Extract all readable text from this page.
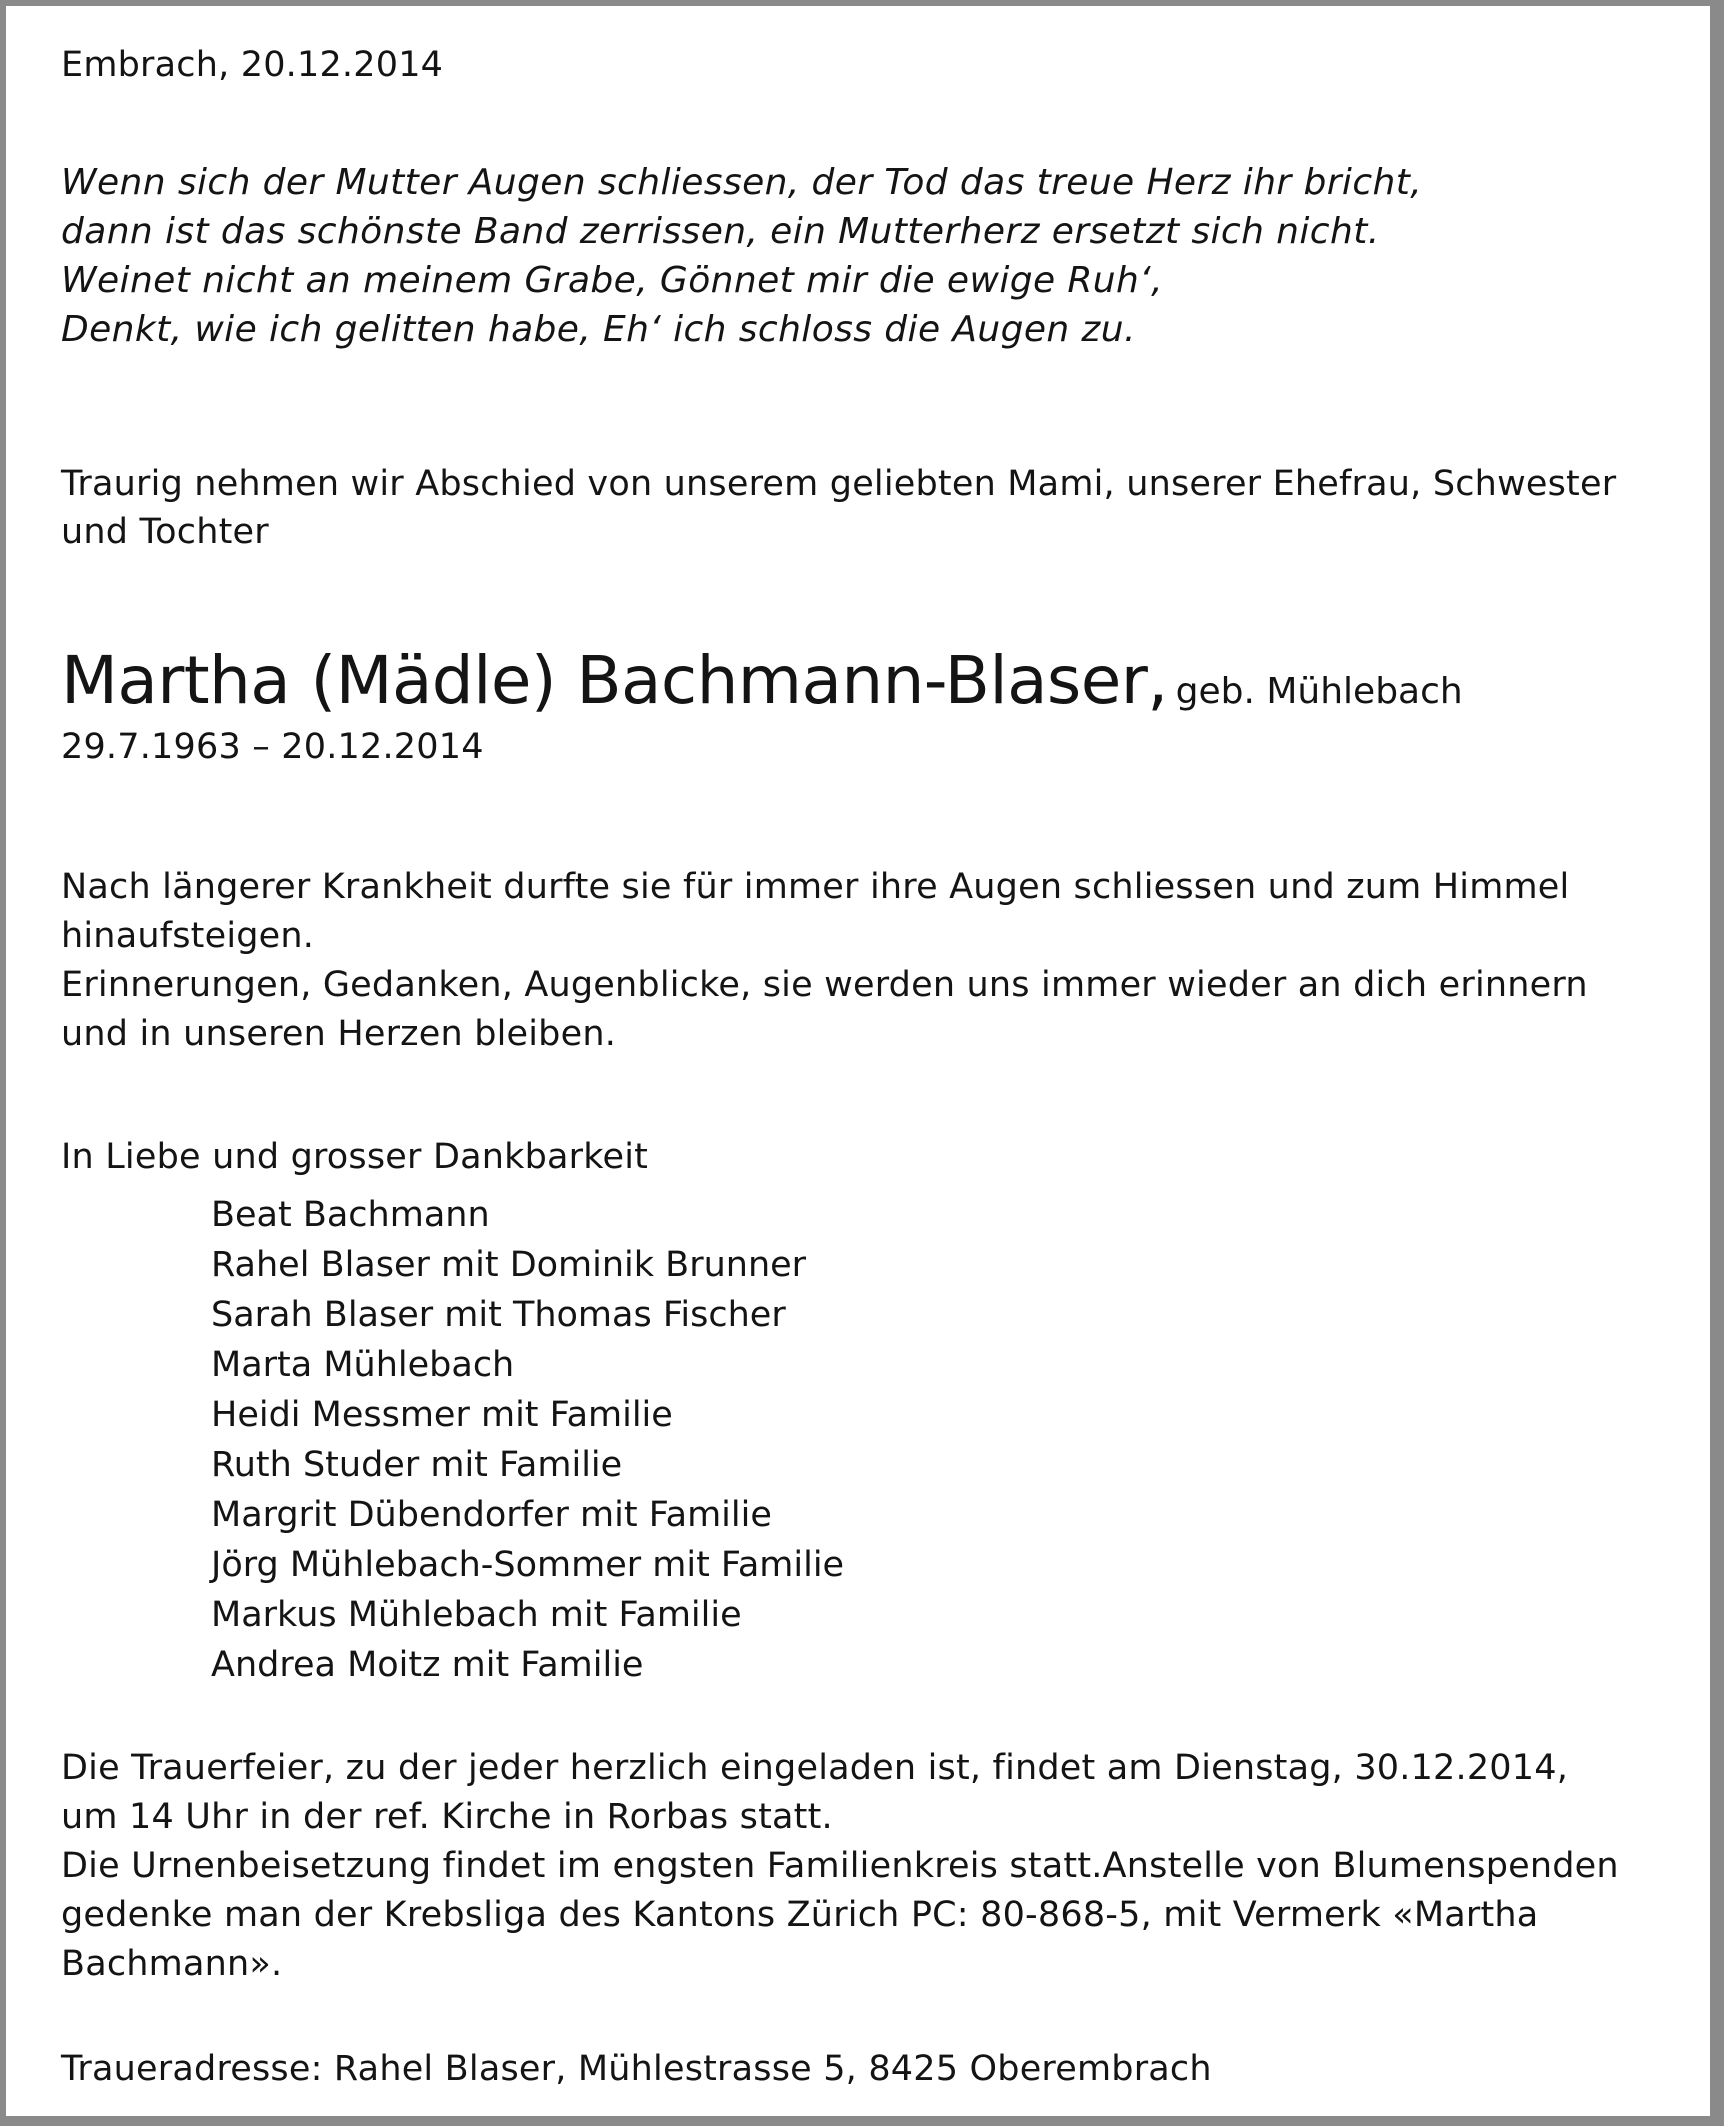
Embrach, 20.12.2014
Wenn sich der Mutter Augen schliessen, der Tod das treue Herz ihr bricht,
dann ist das schönste Band zerrissen, ein Mutterherz ersetzt sich nicht.
Weinet nicht an meinem Grabe, Gönnet mir die ewige Ruh‘,
Denkt, wie ich gelitten habe, Eh‘ ich schloss die Augen zu.
Traurig nehmen wir Abschied von unserem geliebten Mami, unserer Ehefrau, Schwester
und Tochter
Martha (Mädle) Bachmann-Blaser, geb. Mühlebach
29.7.1963 – 20.12.2014
Nach längerer Krankheit durfte sie für immer ihre Augen schliessen und zum Himmel
hinaufsteigen.
Erinnerungen, Gedanken, Augenblicke, sie werden uns immer wieder an dich erinnern
und in unseren Herzen bleiben.
In Liebe und grosser Dankbarkeit
Beat Bachmann
Rahel Blaser mit Dominik Brunner
Sarah Blaser mit Thomas Fischer
Marta Mühlebach
Heidi Messmer mit Familie
Ruth Studer mit Familie
Margrit Dübendorfer mit Familie
Jörg Mühlebach-Sommer mit Familie
Markus Mühlebach mit Familie
Andrea Moitz mit Familie
Die Trauerfeier, zu der jeder herzlich eingeladen ist, findet am Dienstag, 30.12.2014,
um 14 Uhr in der ref. Kirche in Rorbas statt.
Die Urnenbeisetzung findet im engsten Familienkreis statt.Anstelle von Blumenspenden
gedenke man der Krebsliga des Kantons Zürich PC: 80-868-5, mit Vermerk «Martha
Bachmann».
Traueradresse: Rahel Blaser, Mühlestrasse 5, 8425 Oberembrach
